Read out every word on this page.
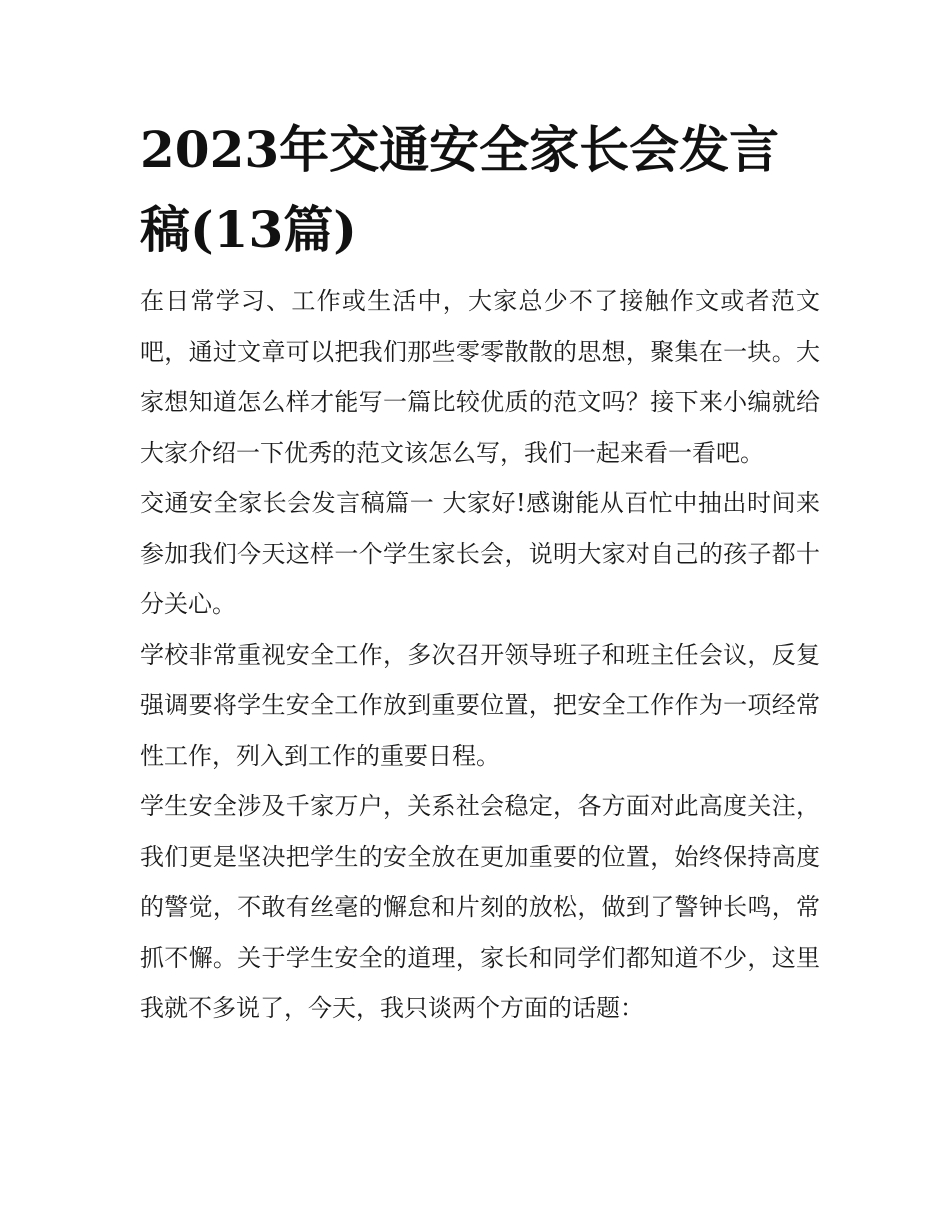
2023年交通安全家长会发言稿(13篇)

在日常学习、工作或生活中，大家总少不了接触作文或者范文吧，通过文章可以把我们那些零零散散的思想，聚集在一块。大家想知道怎么样才能写一篇比较优质的范文吗？接下来小编就给大家介绍一下优秀的范文该怎么写，我们一起来看一看吧。

交通安全家长会发言稿篇一 大家好!感谢能从百忙中抽出时间来参加我们今天这样一个学生家长会，说明大家对自己的孩子都十分关心。

学校非常重视安全工作，多次召开领导班子和班主任会议，反复强调要将学生安全工作放到重要位置，把安全工作作为一项经常性工作，列入到工作的重要日程。

学生安全涉及千家万户，关系社会稳定，各方面对此高度关注，我们更是坚决把学生的安全放在更加重要的位置，始终保持高度的警觉，不敢有丝毫的懈怠和片刻的放松，做到了警钟长鸣，常抓不懈。关于学生安全的道理，家长和同学们都知道不少，这里我就不多说了，今天，我只谈两个方面的话题：
